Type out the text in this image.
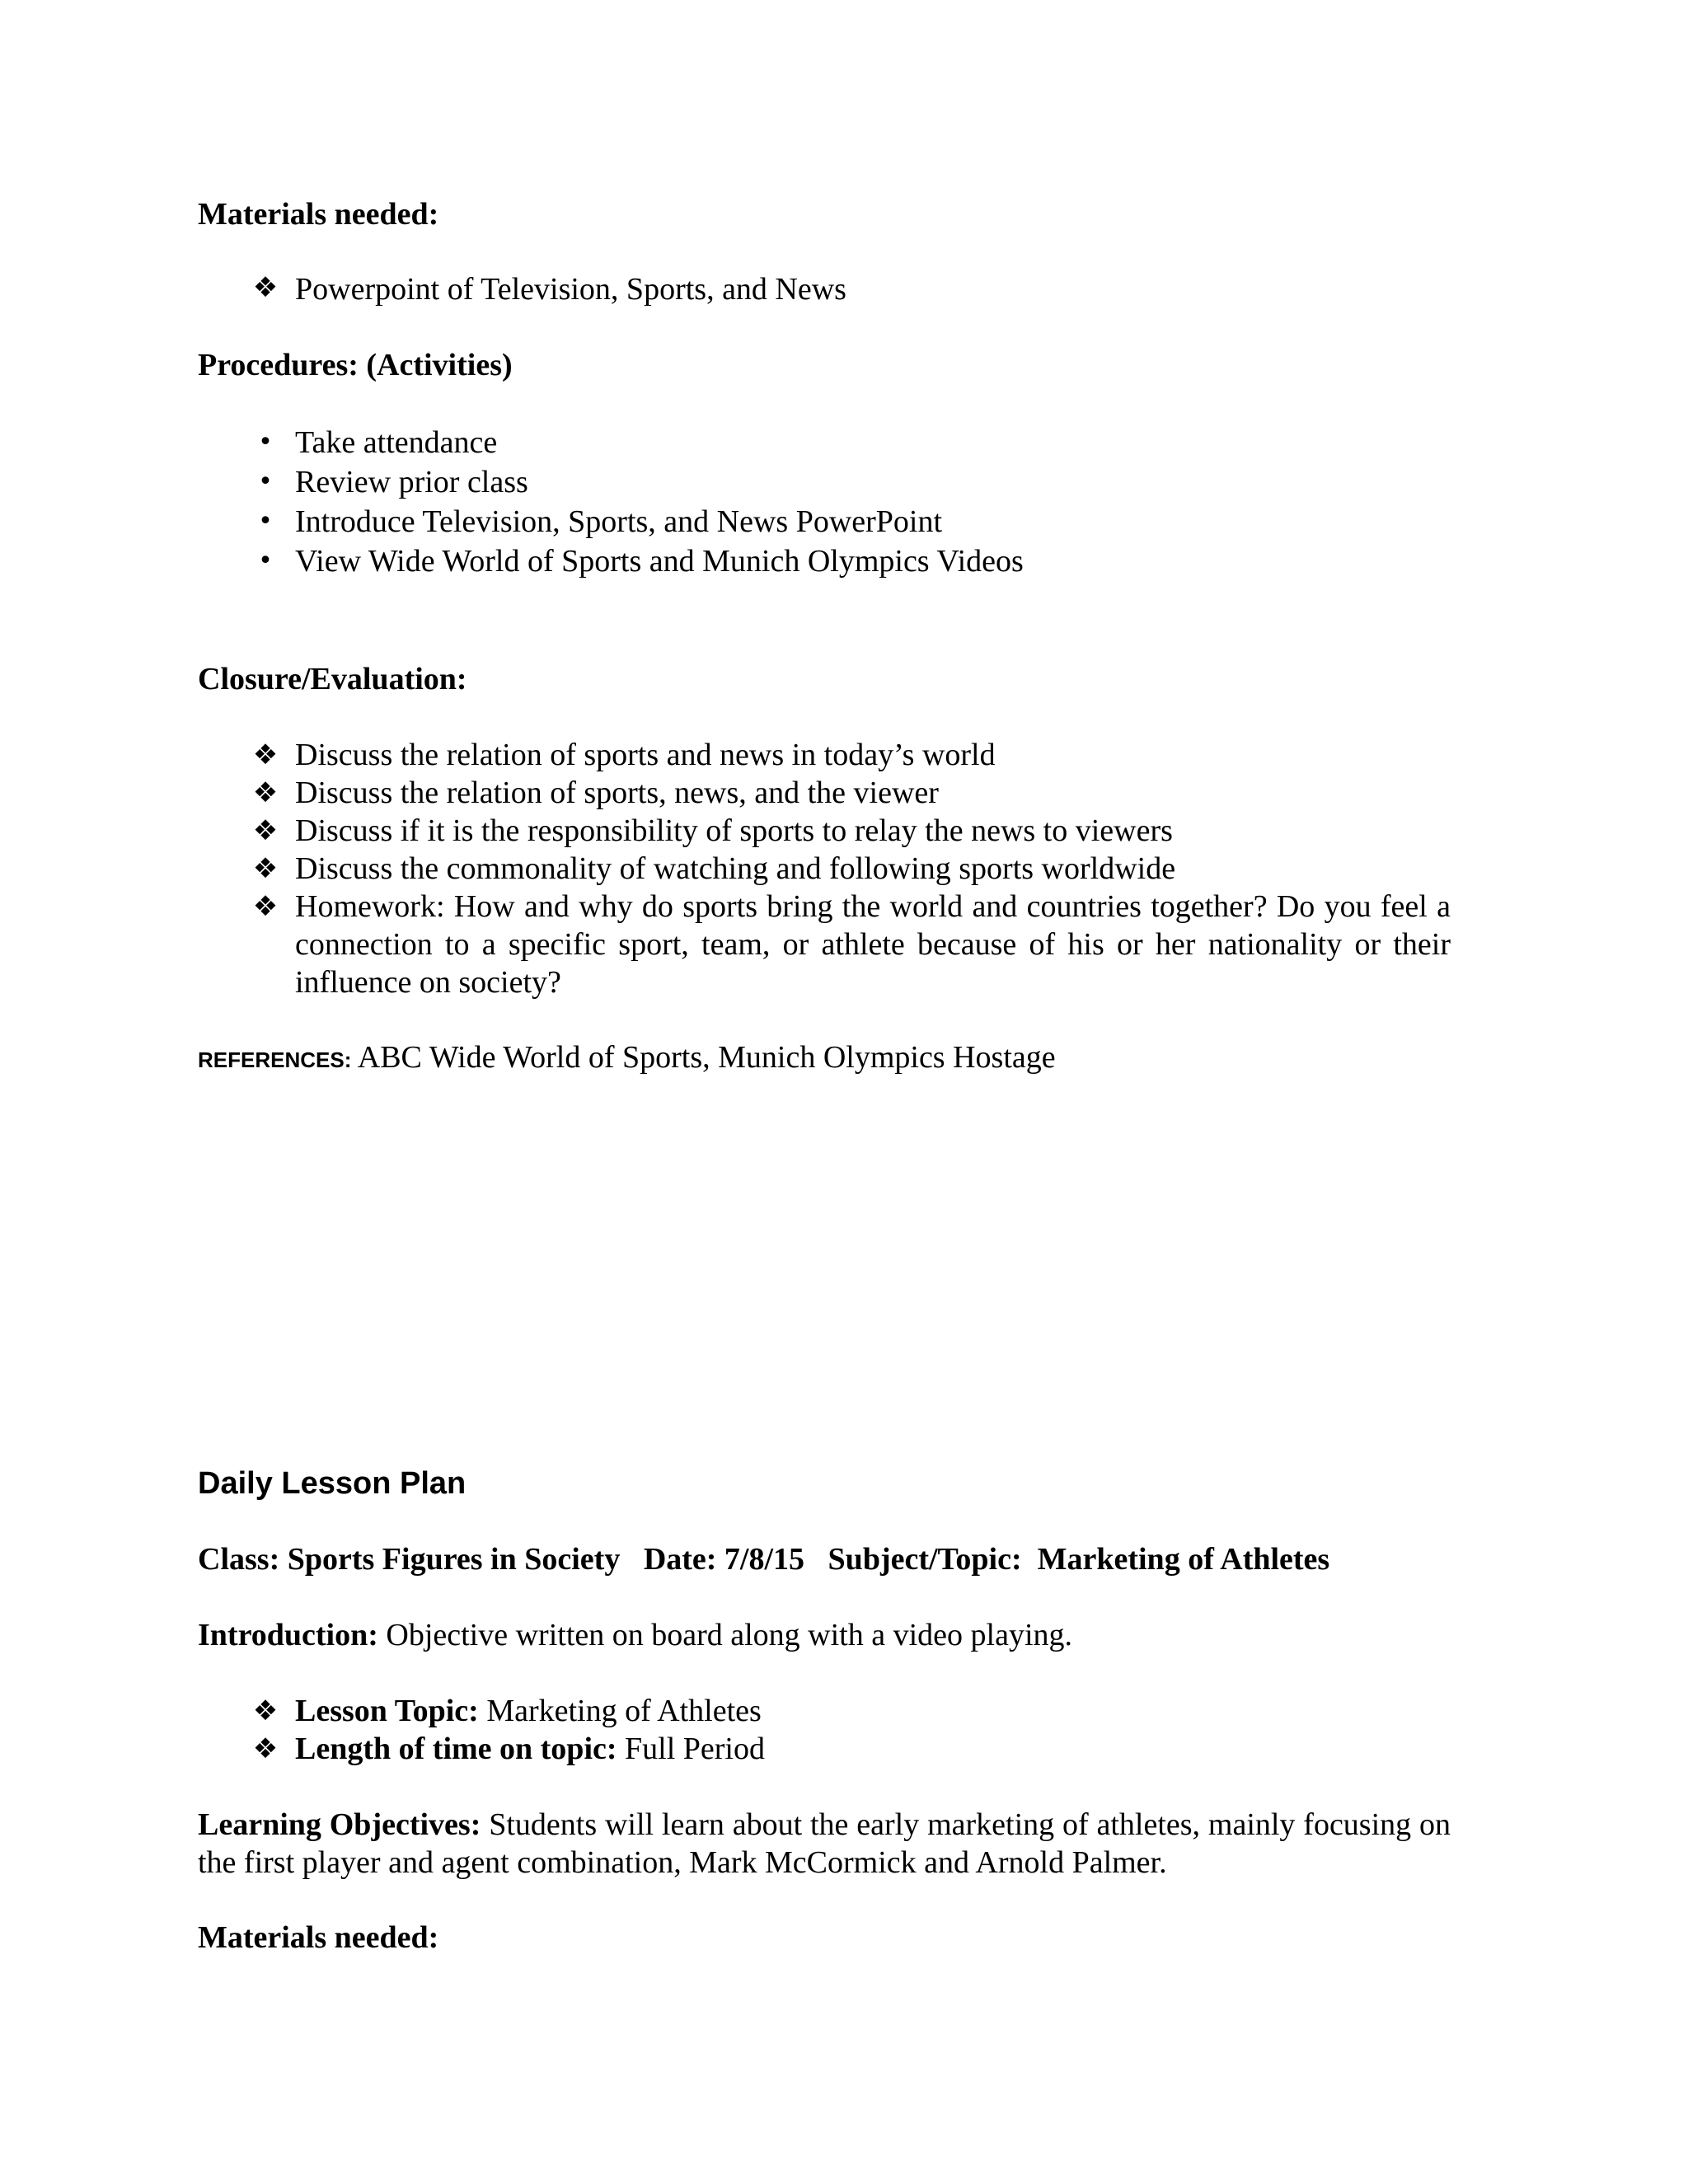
Materials needed:
❖ Powerpoint of Television, Sports, and News
Procedures: (Activities)
• Take attendance
• Review prior class
• Introduce Television, Sports, and News PowerPoint
• View Wide World of Sports and Munich Olympics Videos
Closure/Evaluation:
❖ Discuss the relation of sports and news in today’s world
❖ Discuss the relation of sports, news, and the viewer
❖ Discuss if it is the responsibility of sports to relay the news to viewers
❖ Discuss the commonality of watching and following sports worldwide
❖ Homework: How and why do sports bring the world and countries together? Do you feel a connection to a specific sport, team, or athlete because of his or her nationality or their influence on society?
REFERENCES: ABC Wide World of Sports, Munich Olympics Hostage
Daily Lesson Plan
Class: Sports Figures in Society   Date: 7/8/15   Subject/Topic:  Marketing of Athletes
Introduction: Objective written on board along with a video playing.
❖ Lesson Topic: Marketing of Athletes
❖ Length of time on topic: Full Period
Learning Objectives: Students will learn about the early marketing of athletes, mainly focusing on the first player and agent combination, Mark McCormick and Arnold Palmer.
Materials needed:
